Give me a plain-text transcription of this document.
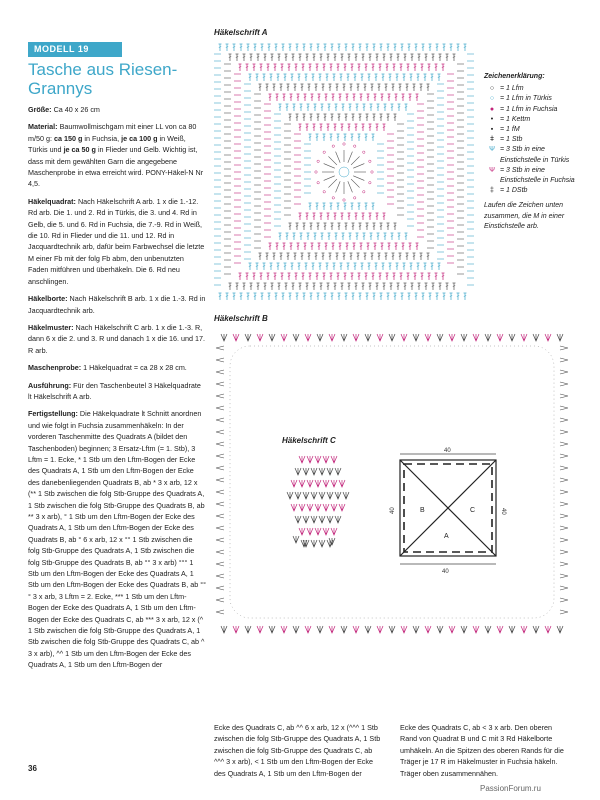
MODELL 19
Tasche aus Riesen-Grannys

Größe: Ca 40 x 26 cm

Material: Baumwollmischgarn mit einer LL von ca 80 m/50 g: ca 150 g in Fuchsia, je ca 100 g in Weiß, Türkis und je ca 50 g in Flieder und Gelb. Wichtig ist, dass mit dem gewählten Garn die angegebene Maschenprobe in etwa erreicht wird. PONY-Häkel-N Nr 4,5.

Häkelquadrat: Nach Häkelschrift A arb. 1 x die 1.-12. Rd arb. Die 1. und 2. Rd in Türkis, die 3. und 4. Rd in Gelb, die 5. und 6. Rd in Fuchsia, die 7.-9. Rd in Weiß, die 10. Rd in Flieder und die 11. und 12. Rd in Jacquardtechnik arb, dafür beim Farbwechsel die letzte M einer Fb mit der folg Fb abm, den unbenutzten Faden mitführen und überhäkeln. Die 6. Rd neu anschlingen.

Häkelborte: Nach Häkelschrift B arb. 1 x die 1.-3. Rd in Jacquardtechnik arb.

Häkelmuster: Nach Häkelschrift C arb. 1 x die 1.-3. R, dann 6 x die 2. und 3. R und danach 1 x die 16. und 17. R arb.

Maschenprobe: 1 Häkelquadrat = ca 28 x 28 cm.

Ausführung: Für den Taschenbeutel 3 Häkelquadrate lt Häkelschrift A arb.

Fertigstellung: Die Häkelquadrate lt Schnitt anordnen und wie folgt in Fuchsia zusammenhäkeln: In der vorderen Taschenmitte des Quadrats A (bildet den Taschenboden) beginnen; 3 Ersatz-Lftm (= 1. Stb), 3 Lftm = 1. Ecke, * 1 Stb um den Lftm-Bogen der Ecke des Quadrats A, 1 Stb um den Lftm-Bogen der Ecke des danebenliegenden Quadrats B, ab * 3 x arb, 12 x (** 1 Stb zwischen die folg Stb-Gruppe des Quadrats A, 1 Stb zwischen die folg Stb-Gruppe des Quadrats B, ab ** 3 x arb), ° 1 Stb um den Lftm-Bogen der Ecke des Quadrats A, 1 Stb um den Lftm-Bogen der Ecke des Quadrats B, ab ° 6 x arb, 12 x °° 1 Stb zwischen die folg Stb-Gruppe des Quadrats A, 1 Stb zwischen die folg Stb-Gruppe des Quadrats B, ab °° 3 x arb) °°° 1 Stb um den Lftm-Bogen der Ecke des Quadrats A, 1 Stb um den Lftm-Bogen der Ecke des Quadrats B, ab °°° 3 x arb, 3 Lftm = 2. Ecke, *** 1 Stb um den Lftm-Bogen der Ecke des Quadrats A, 1 Stb um den Lftm-Bogen der Ecke des Quadrats C, ab *** 3 x arb, 12 x (^ 1 Stb zwischen die folg Stb-Gruppe des Quadrats A, 1 Stb zwischen die folg Stb-Gruppe des Quadrats C, ab ^ 3 x arb), ^^ 1 Stb um den Lftm-Bogen der Ecke des Quadrats A, 1 Stb um den Lftm-Bogen der

Häkelschrift A
Häkelschrift B
Häkelschrift C
40
40
40	40
B	C
A
Zeichenerklärung:
○ = 1 Lfm
○ = 1 Lfm in Türkis
● = 1 Lfm in Fuchsia
• = 1 Kettm
▪ = 1 fM
ǂ = 1 Stb
Ψ = 3 Stb in eine Einstichstelle in Türkis
Ψ = 3 Stb in eine Einstichstelle in Fuchsia
‡ = 1 DStb
Laufen die Zeichen unten zusammen, die M in einer Einstichstelle arb.
Ecke des Quadrats C, ab ^^ 6 x arb, 12 x (^^^ 1 Stb zwischen die folg Stb-Gruppe des Quadrats A, 1 Stb zwischen die folg Stb-Gruppe des Quadrats C, ab ^^^ 3 x arb), < 1 Stb um den Lftm-Bogen der Ecke des Quadrats A, 1 Stb um den Lftm-Bogen der
Ecke des Quadrats C, ab < 3 x arb. Den oberen Rand von Quadrat B und C mit 3 Rd Häkelborte umhäkeln. An die Spitzen des oberen Rands für die Träger je 17 R im Häkelmuster in Fuchsia häkeln. Träger oben zusammennähen.
36
PassionForum.ru
